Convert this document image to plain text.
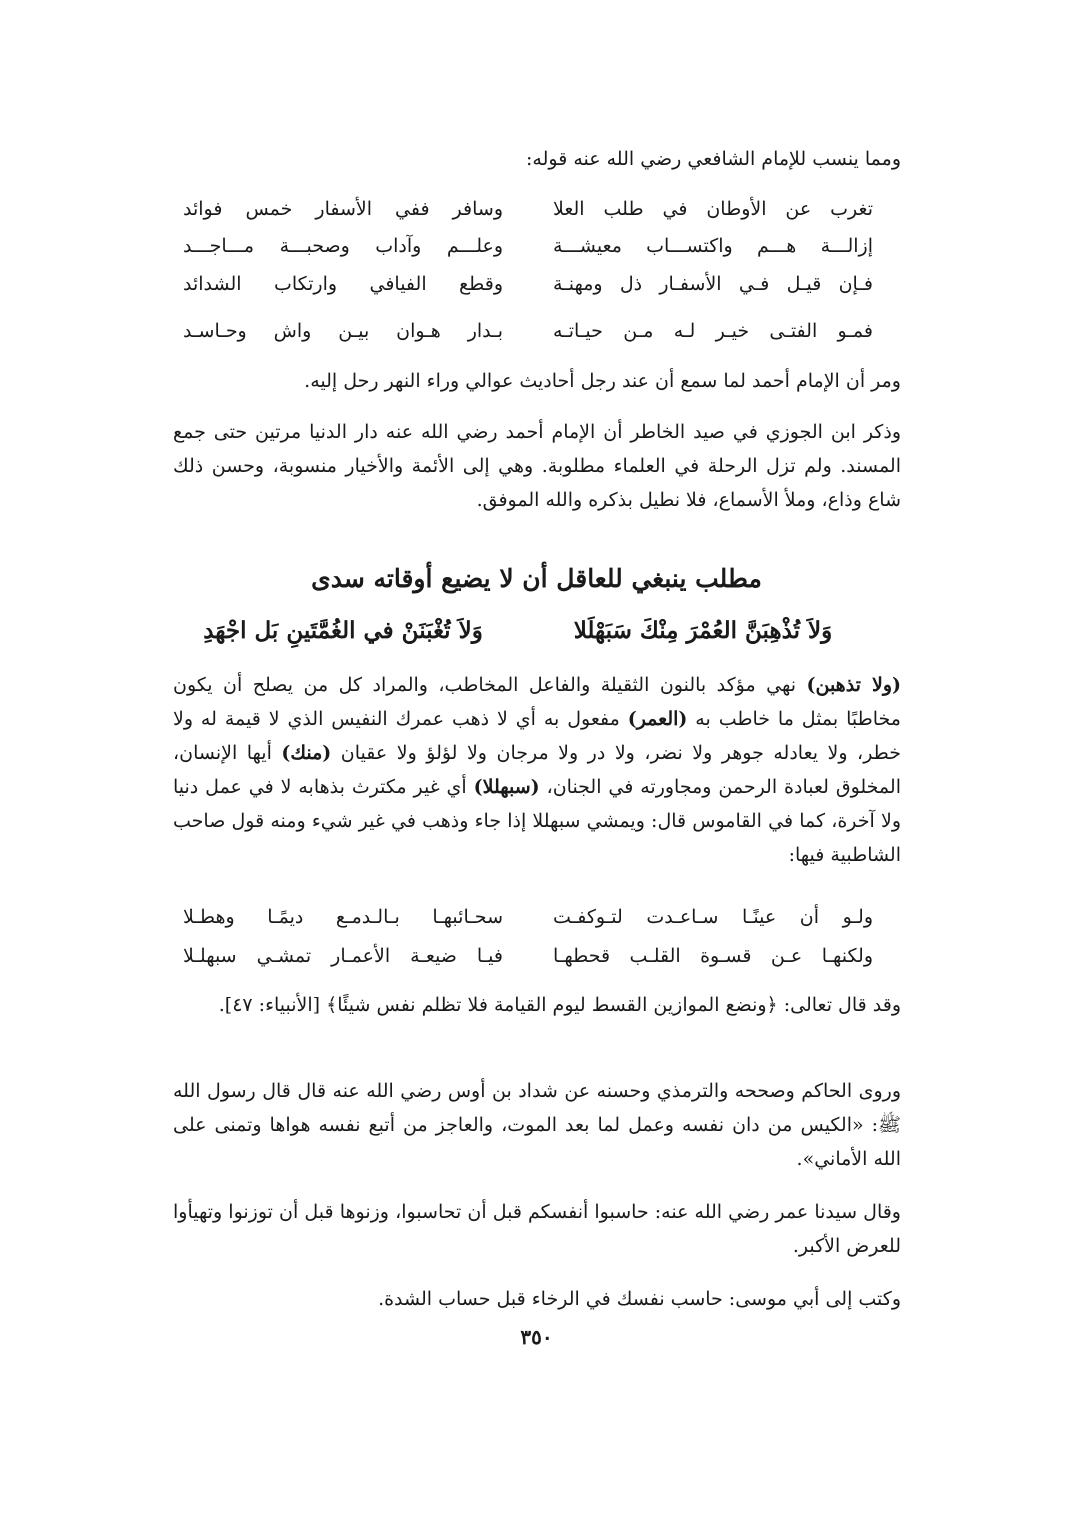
ومما ينسب للإمام الشافعي رضي الله عنه قوله:
تغرب عن الأوطان في طلب العلا
وسافر ففي الأسفار خمس فوائد
إزالـــة هـــم واكتســـاب معيشـــة
وعلـــم وآداب وصحبـــة مـــاجـــد
فـإن قيـل فـي الأسفـار ذل ومهنـة
وقطع الفيافي وارتكاب الشدائد
فمـو الفتـى خيـر لـه مـن حيـاتـه
بـدار هـوان بيـن واش وحـاسـد
ومر أن الإمام أحمد لما سمع أن عند رجل أحاديث عوالي وراء النهر رحل إليه.
وذكر ابن الجوزي في صيد الخاطر أن الإمام أحمد رضي الله عنه دار الدنيا مرتين حتى جمع المسند. ولم تزل الرحلة في العلماء مطلوبة. وهي إلى الأئمة والأخيار منسوبة، وحسن ذلك شاع وذاع، وملأ الأسماع، فلا نطيل بذكره والله الموفق.
مطلب ينبغي للعاقل أن لا يضيع أوقاته سدى
وَلاَ تُذْهِبَنَّ العُمْرَ مِنْكَ سَبَهْلَلا
وَلاَ تُغْبَنَنْ في الغُمَّتَينِ بَل اجْهَدِ
(ولا تذهبن) نهي مؤكد بالنون الثقيلة والفاعل المخاطب، والمراد كل من يصلح أن يكون مخاطبًا بمثل ما خاطب به (العمر) مفعول به أي لا ذهب عمرك النفيس الذي لا قيمة له ولا خطر، ولا يعادله جوهر ولا نضر، ولا در ولا مرجان ولا لؤلؤ ولا عقيان (منك) أيها الإنسان، المخلوق لعبادة الرحمن ومجاورته في الجنان، (سبهللا) أي غير مكترث بذهابه لا في عمل دنيا ولا آخرة، كما في القاموس قال: ويمشي سبهللا إذا جاء وذهب في غير شيء ومنه قول صاحب الشاطبية فيها:
ولـو أن عينًـا سـاعـدت لتـوكفـت
سحـائبهـا بـالـدمـع ديمًـا وهطـلا
ولكنهـا عـن قسـوة القلـب قحطهـا
فيـا ضيعـة الأعمـار تمشـي سبهلـلا
وقد قال تعالى: ﴿ونضع الموازين القسط ليوم القيامة فلا تظلم نفس شيئًا﴾ [الأنبياء: ٤٧].
وروى الحاكم وصححه والترمذي وحسنه عن شداد بن أوس رضي الله عنه قال قال رسول الله ﷺ: «الكيس من دان نفسه وعمل لما بعد الموت، والعاجز من أتبع نفسه هواها وتمنى على الله الأماني».
وقال سيدنا عمر رضي الله عنه: حاسبوا أنفسكم قبل أن تحاسبوا، وزنوها قبل أن توزنوا وتهيأوا للعرض الأكبر.
وكتب إلى أبي موسى: حاسب نفسك في الرخاء قبل حساب الشدة.
٣٥٠
